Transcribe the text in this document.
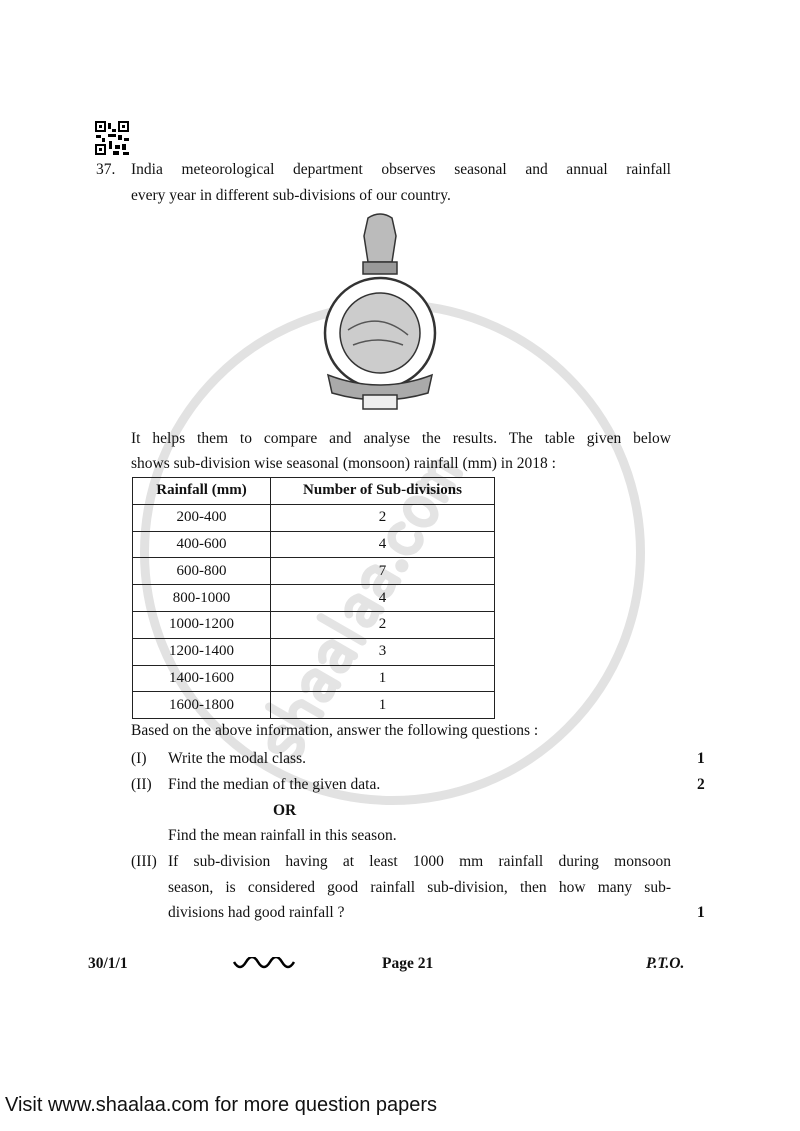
37. India meteorological department observes seasonal and annual rainfall

every year in different sub-divisions of our country.

It helps them to compare and analyse the results. The table given below

shows sub-division wise seasonal (monsoon) rainfall (mm) in 2018 :

Rainfall (mm)	Number of Sub-divisions
200-400	2
400-600	4
600-800	7
800-1000	4
1000-1200	2
1200-1400	3
1400-1600	1
1600-1800	1

Based on the above information, answer the following questions :

(I) Write the modal class.	1

(II) Find the median of the given data.	2

OR

Find the mean rainfall in this season.

(III) If sub-division having at least 1000 mm rainfall during monsoon

season, is considered good rainfall sub-division, then how many sub-

divisions had good rainfall ?	1

30/1/1	Page 21	P.T.O.
Visit www.shaalaa.com for more question papers
